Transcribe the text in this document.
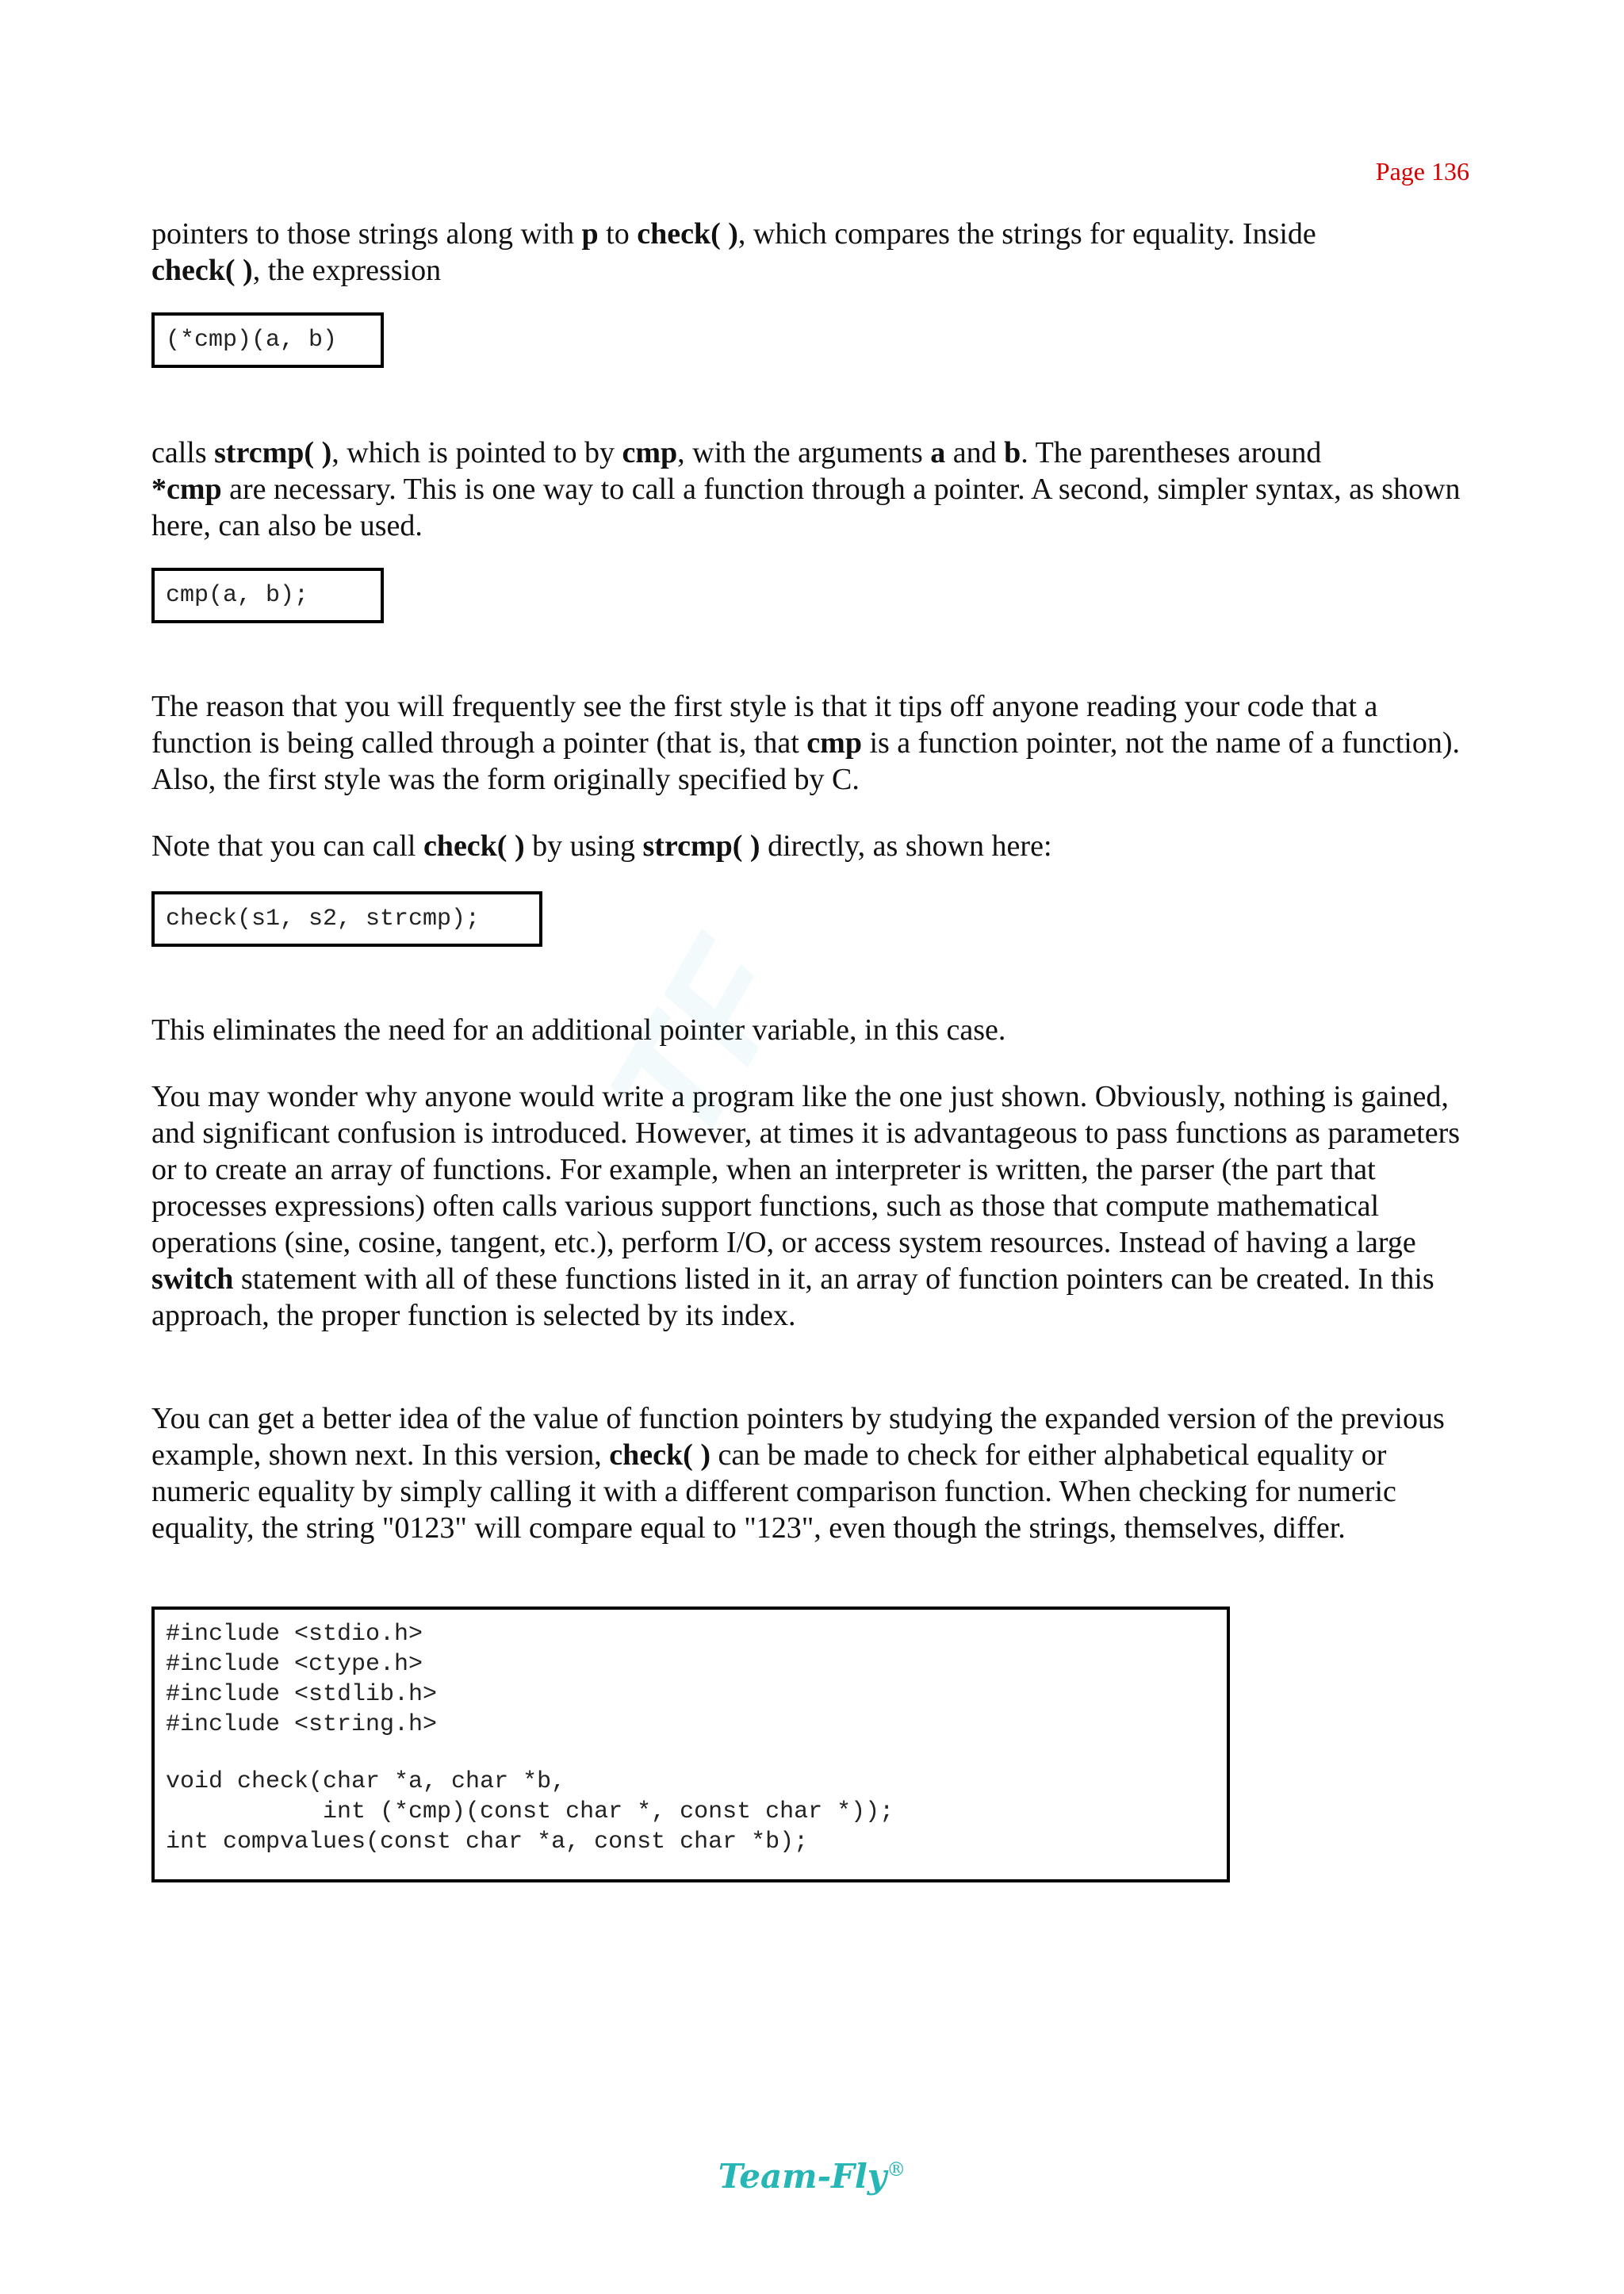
Page 136

pointers to those strings along with p to check( ), which compares the strings for equality. Inside
check( ), the expression

(*cmp)(a, b)

calls strcmp( ), which is pointed to by cmp, with the arguments a and b. The parentheses around
*cmp are necessary. This is one way to call a function through a pointer. A second, simpler syntax, as shown here, can also be used.

cmp(a, b);

The reason that you will frequently see the first style is that it tips off anyone reading your code that a function is being called through a pointer (that is, that cmp is a function pointer, not the name of a function). Also, the first style was the form originally specified by C.

Note that you can call check( ) by using strcmp( ) directly, as shown here:

check(s1, s2, strcmp);

This eliminates the need for an additional pointer variable, in this case.

You may wonder why anyone would write a program like the one just shown. Obviously, nothing is gained, and significant confusion is introduced. However, at times it is advantageous to pass functions as parameters or to create an array of functions. For example, when an interpreter is written, the parser (the part that processes expressions) often calls various support functions, such as those that compute mathematical operations (sine, cosine, tangent, etc.), perform I/O, or access system resources. Instead of having a large switch statement with all of these functions listed in it, an array of function pointers can be created. In this approach, the proper function is selected by its index.

You can get a better idea of the value of function pointers by studying the expanded version of the previous example, shown next. In this version, check( ) can be made to check for either alphabetical equality or numeric equality by simply calling it with a different comparison function. When checking for numeric equality, the string "0123" will compare equal to "123", even though the strings, themselves, differ.

#include <stdio.h>
#include <ctype.h>
#include <stdlib.h>
#include <string.h>
void check(char *a, char *b,
int (*cmp)(const char *, const char *));
int compvalues(const char *a, const char *b);
TF
Team-Fly®
